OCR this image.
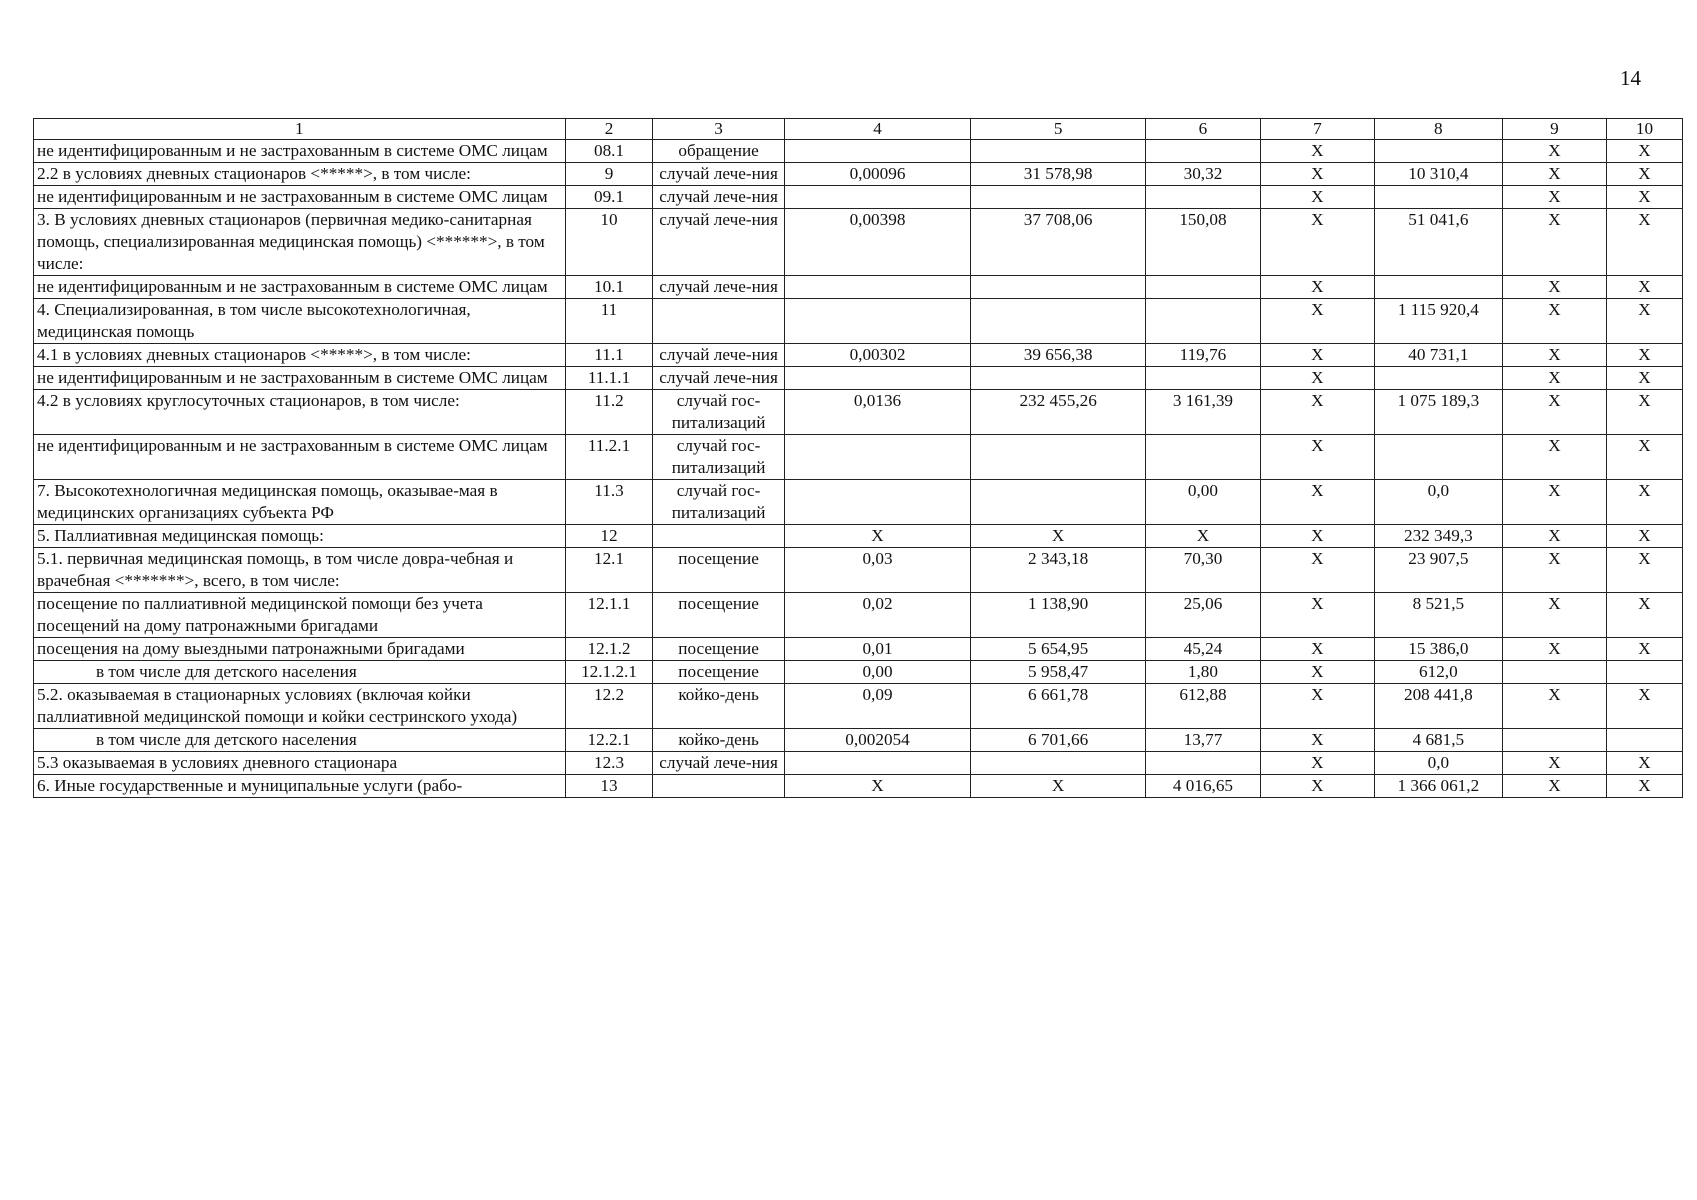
14
1	2	3	4	5	6	7	8	9	10
не идентифицированным и не застрахованным в системе ОМС лицам	08.1	обращение				X		X	X
2.2 в условиях дневных стационаров <*****>, в том числе:	9	случай лече-ния	0,00096	31 578,98	30,32	X	10 310,4	X	X
не идентифицированным и не застрахованным в системе ОМС лицам	09.1	случай лече-ния				X		X	X
3. В условиях дневных стационаров (первичная медико-санитарная помощь, специализированная медицинская помощь) <******>, в том числе:	10	случай лече-ния	0,00398	37 708,06	150,08	X	51 041,6	X	X
не идентифицированным и не застрахованным в системе ОМС лицам	10.1	случай лече-ния				X		X	X
4. Специализированная, в том числе высокотехнологичная, медицинская помощь	11					X	1 115 920,4	X	X
4.1 в условиях дневных стационаров <*****>, в том числе:	11.1	случай лече-ния	0,00302	39 656,38	119,76	X	40 731,1	X	X
не идентифицированным и не застрахованным в системе ОМС лицам	11.1.1	случай лече-ния				X		X	X
4.2 в условиях круглосуточных стационаров, в том числе:	11.2	случай гос-питализаций	0,0136	232 455,26	3 161,39	X	1 075 189,3	X	X
не идентифицированным и не застрахованным в системе ОМС лицам	11.2.1	случай гос-питализаций				X		X	X
7. Высокотехнологичная медицинская помощь, оказывае-мая в медицинских организациях субъекта РФ	11.3	случай гос-питализаций			0,00	X	0,0	X	X
5. Паллиативная медицинская помощь:	12		X	X	X	X	232 349,3	X	X
5.1. первичная медицинская помощь, в том числе довра-чебная и врачебная <*******>, всего, в том числе:	12.1	посещение	0,03	2 343,18	70,30	X	23 907,5	X	X
посещение по паллиативной медицинской помощи без учета посещений на дому патронажными бригадами	12.1.1	посещение	0,02	1 138,90	25,06	X	8 521,5	X	X
посещения на дому выездными патронажными бригадами	12.1.2	посещение	0,01	5 654,95	45,24	X	15 386,0	X	X
в том числе для детского населения	12.1.2.1	посещение	0,00	5 958,47	1,80	X	612,0		
5.2. оказываемая в стационарных условиях (включая койки паллиативной медицинской помощи и койки сестринского ухода)	12.2	койко-день	0,09	6 661,78	612,88	X	208 441,8	X	X
в том числе для детского населения	12.2.1	койко-день	0,002054	6 701,66	13,77	X	4 681,5		
5.3 оказываемая в условиях дневного стационара	12.3	случай лече-ния				X	0,0	X	X
6. Иные государственные и муниципальные услуги (рабо-	13		X	X	4 016,65	X	1 366 061,2	X	X
